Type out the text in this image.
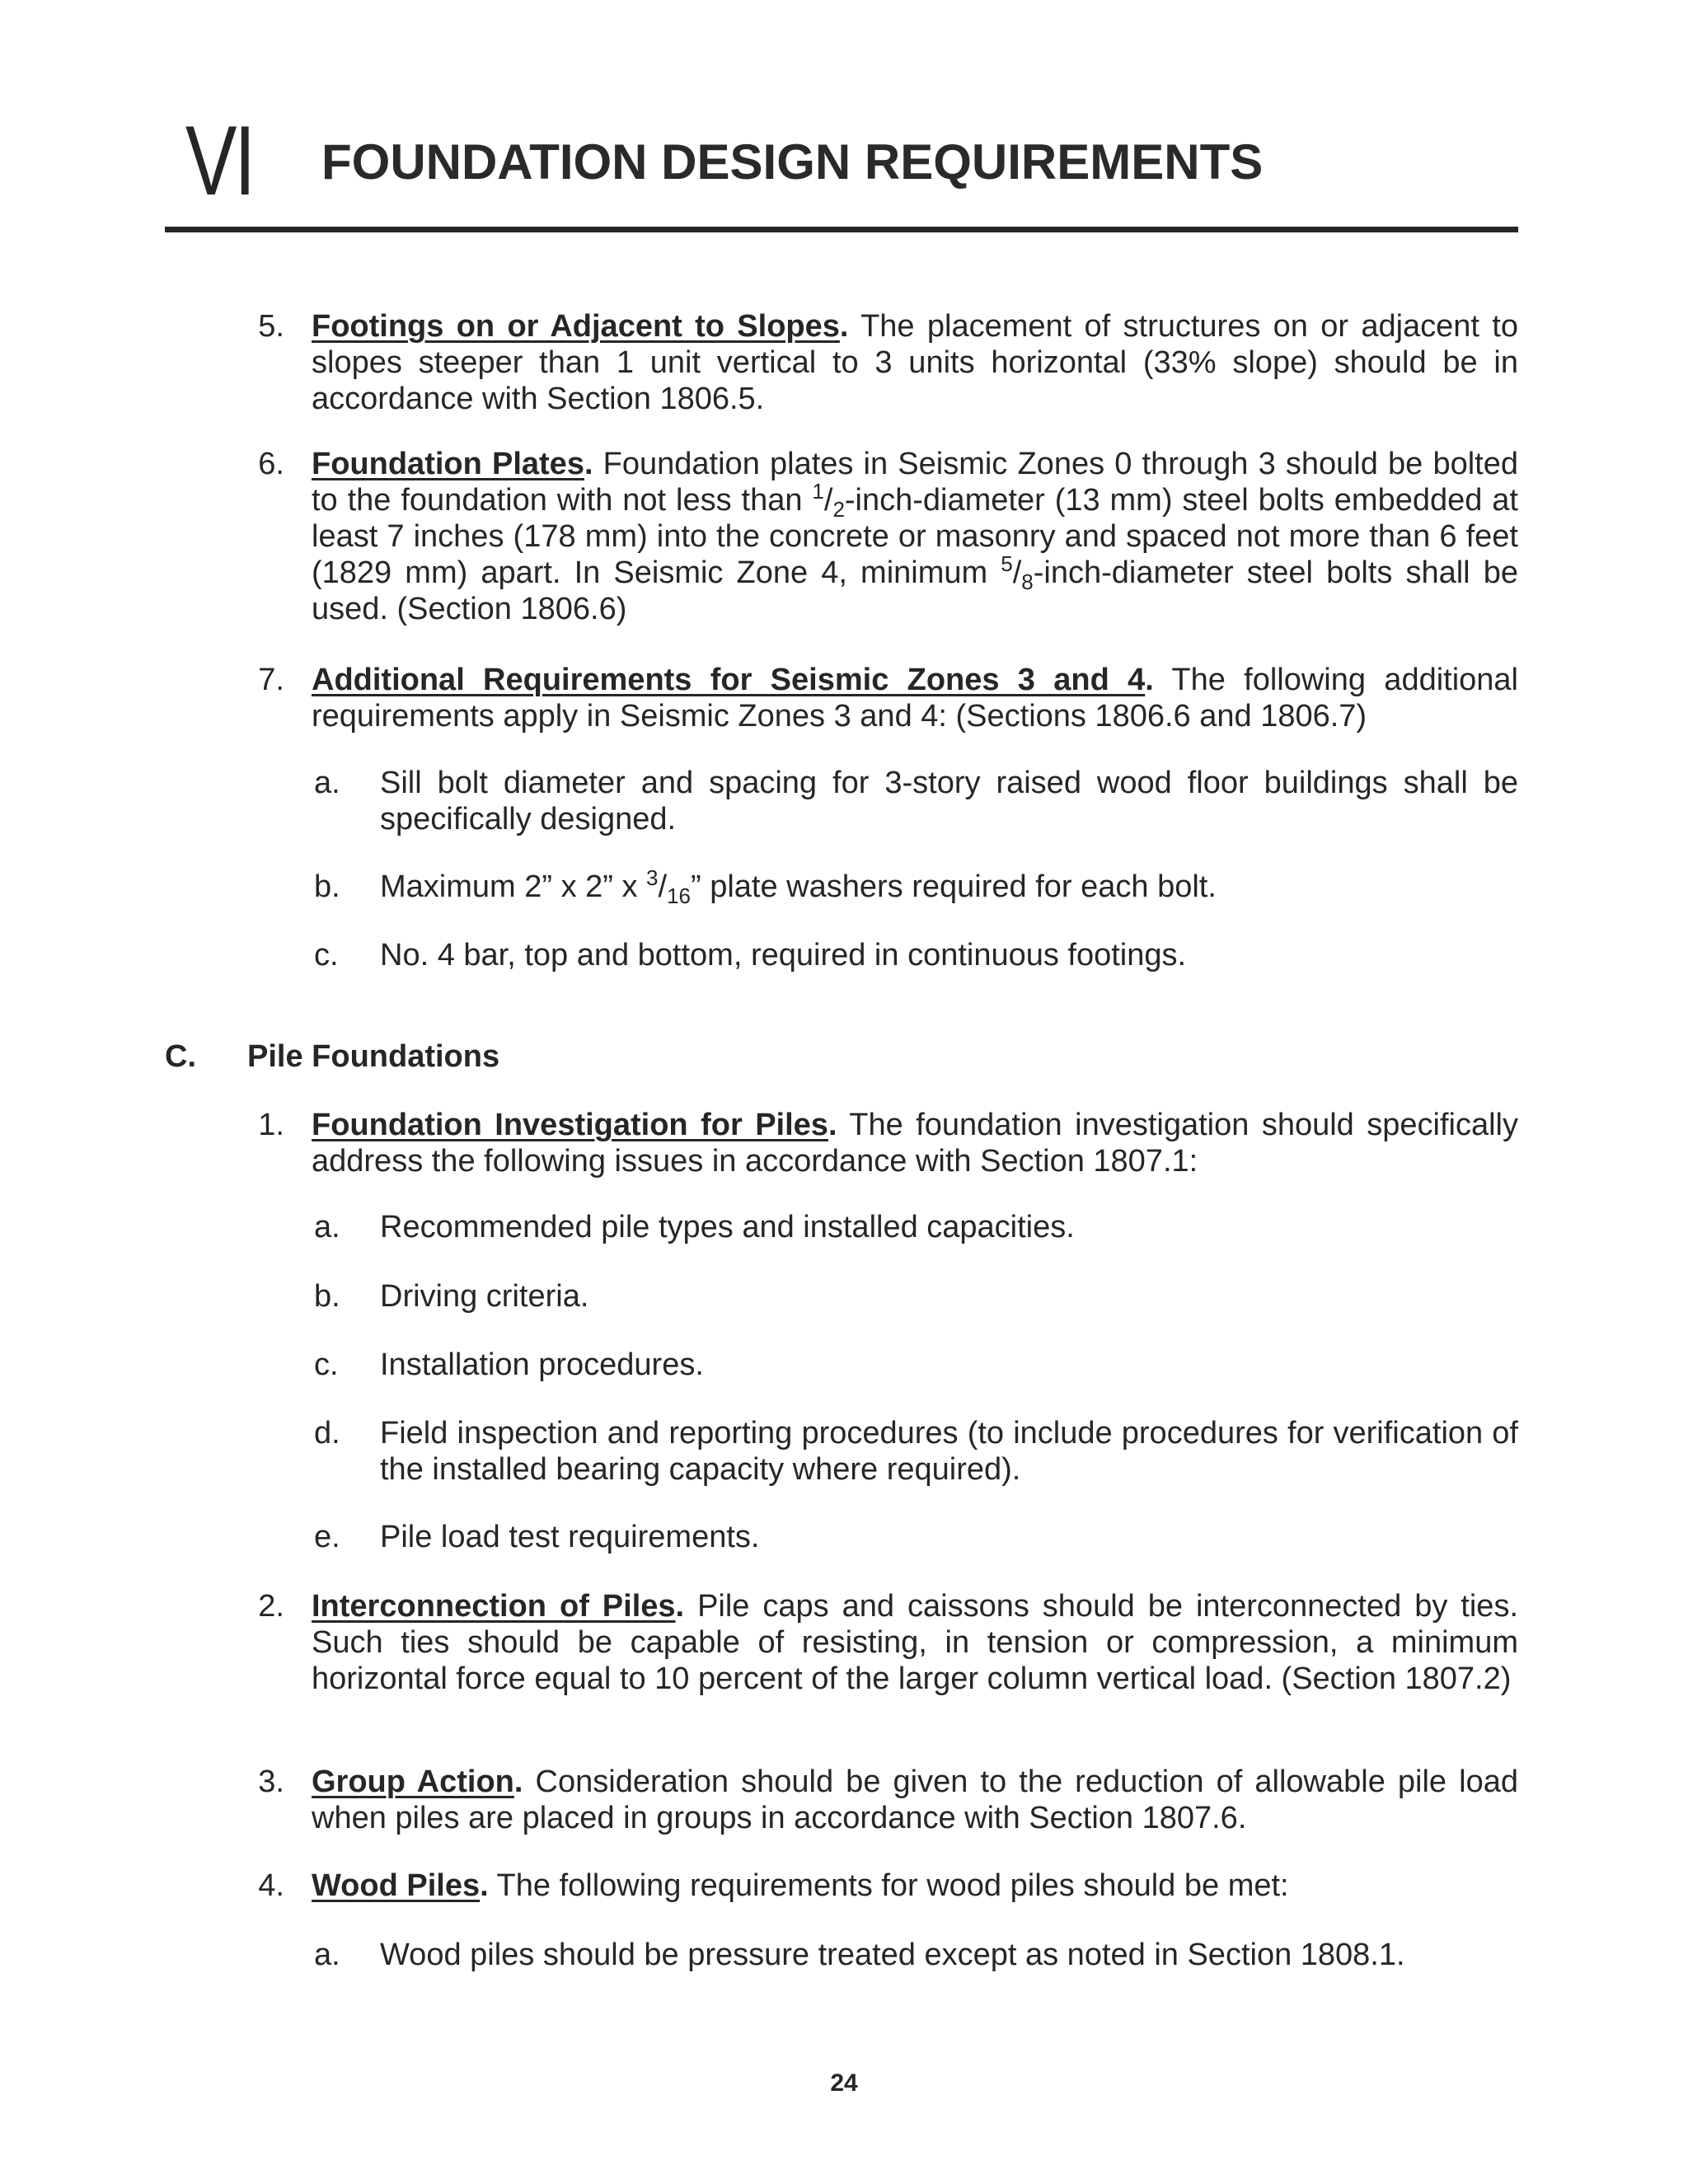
VI FOUNDATION DESIGN REQUIREMENTS
5. Footings on or Adjacent to Slopes. The placement of structures on or adjacent to slopes steeper than 1 unit vertical to 3 units horizontal (33% slope) should be in accordance with Section 1806.5.

6. Foundation Plates. Foundation plates in Seismic Zones 0 through 3 should be bolted to the foundation with not less than $^1/_2-inch$-diameter (13 mm) steel bolts embedded at least 7 inches (178 mm) into the concrete or masonry and spaced not more than 6 feet (1829 mm) apart. In Seismic Zone 4, minimum $^5/_8-inch$-diameter steel bolts shall be used. (Section 1806.6)

7. Additional Requirements for Seismic Zones 3 and 4. The following additional requirements apply in Seismic Zones 3 and 4: (Sections 1806.6 and 1806.7)

a.	Sill bolt diameter and spacing for 3-story raised wood floor buildings shall be specifically designed.

b.	Maximum 2” x 2” x $^3/_{16}$” plate washers required for each bolt.

c.	No. 4 bar, top and bottom, required in continuous footings.

C. Pile Foundations
1. Foundation Investigation for Piles. The foundation investigation should specifically address the following issues in accordance with Section 1807.1:

a.	Recommended pile types and installed capacities.

b.	Driving criteria.

c.	Installation procedures.

d.	Field inspection and reporting procedures (to include procedures for verification of the installed bearing capacity where required).

e.	Pile load test requirements.

2. Interconnection of Piles. Pile caps and caissons should be interconnected by ties. Such ties should be capable of resisting, in tension or compression, a minimum horizontal force equal to 10 percent of the larger column vertical load. (Section 1807.2)

3. Group Action. Consideration should be given to the reduction of allowable pile load when piles are placed in groups in accordance with Section 1807.6.

4. Wood Piles. The following requirements for wood piles should be met:

a.	Wood piles should be pressure treated except as noted in Section 1808.1.

24
